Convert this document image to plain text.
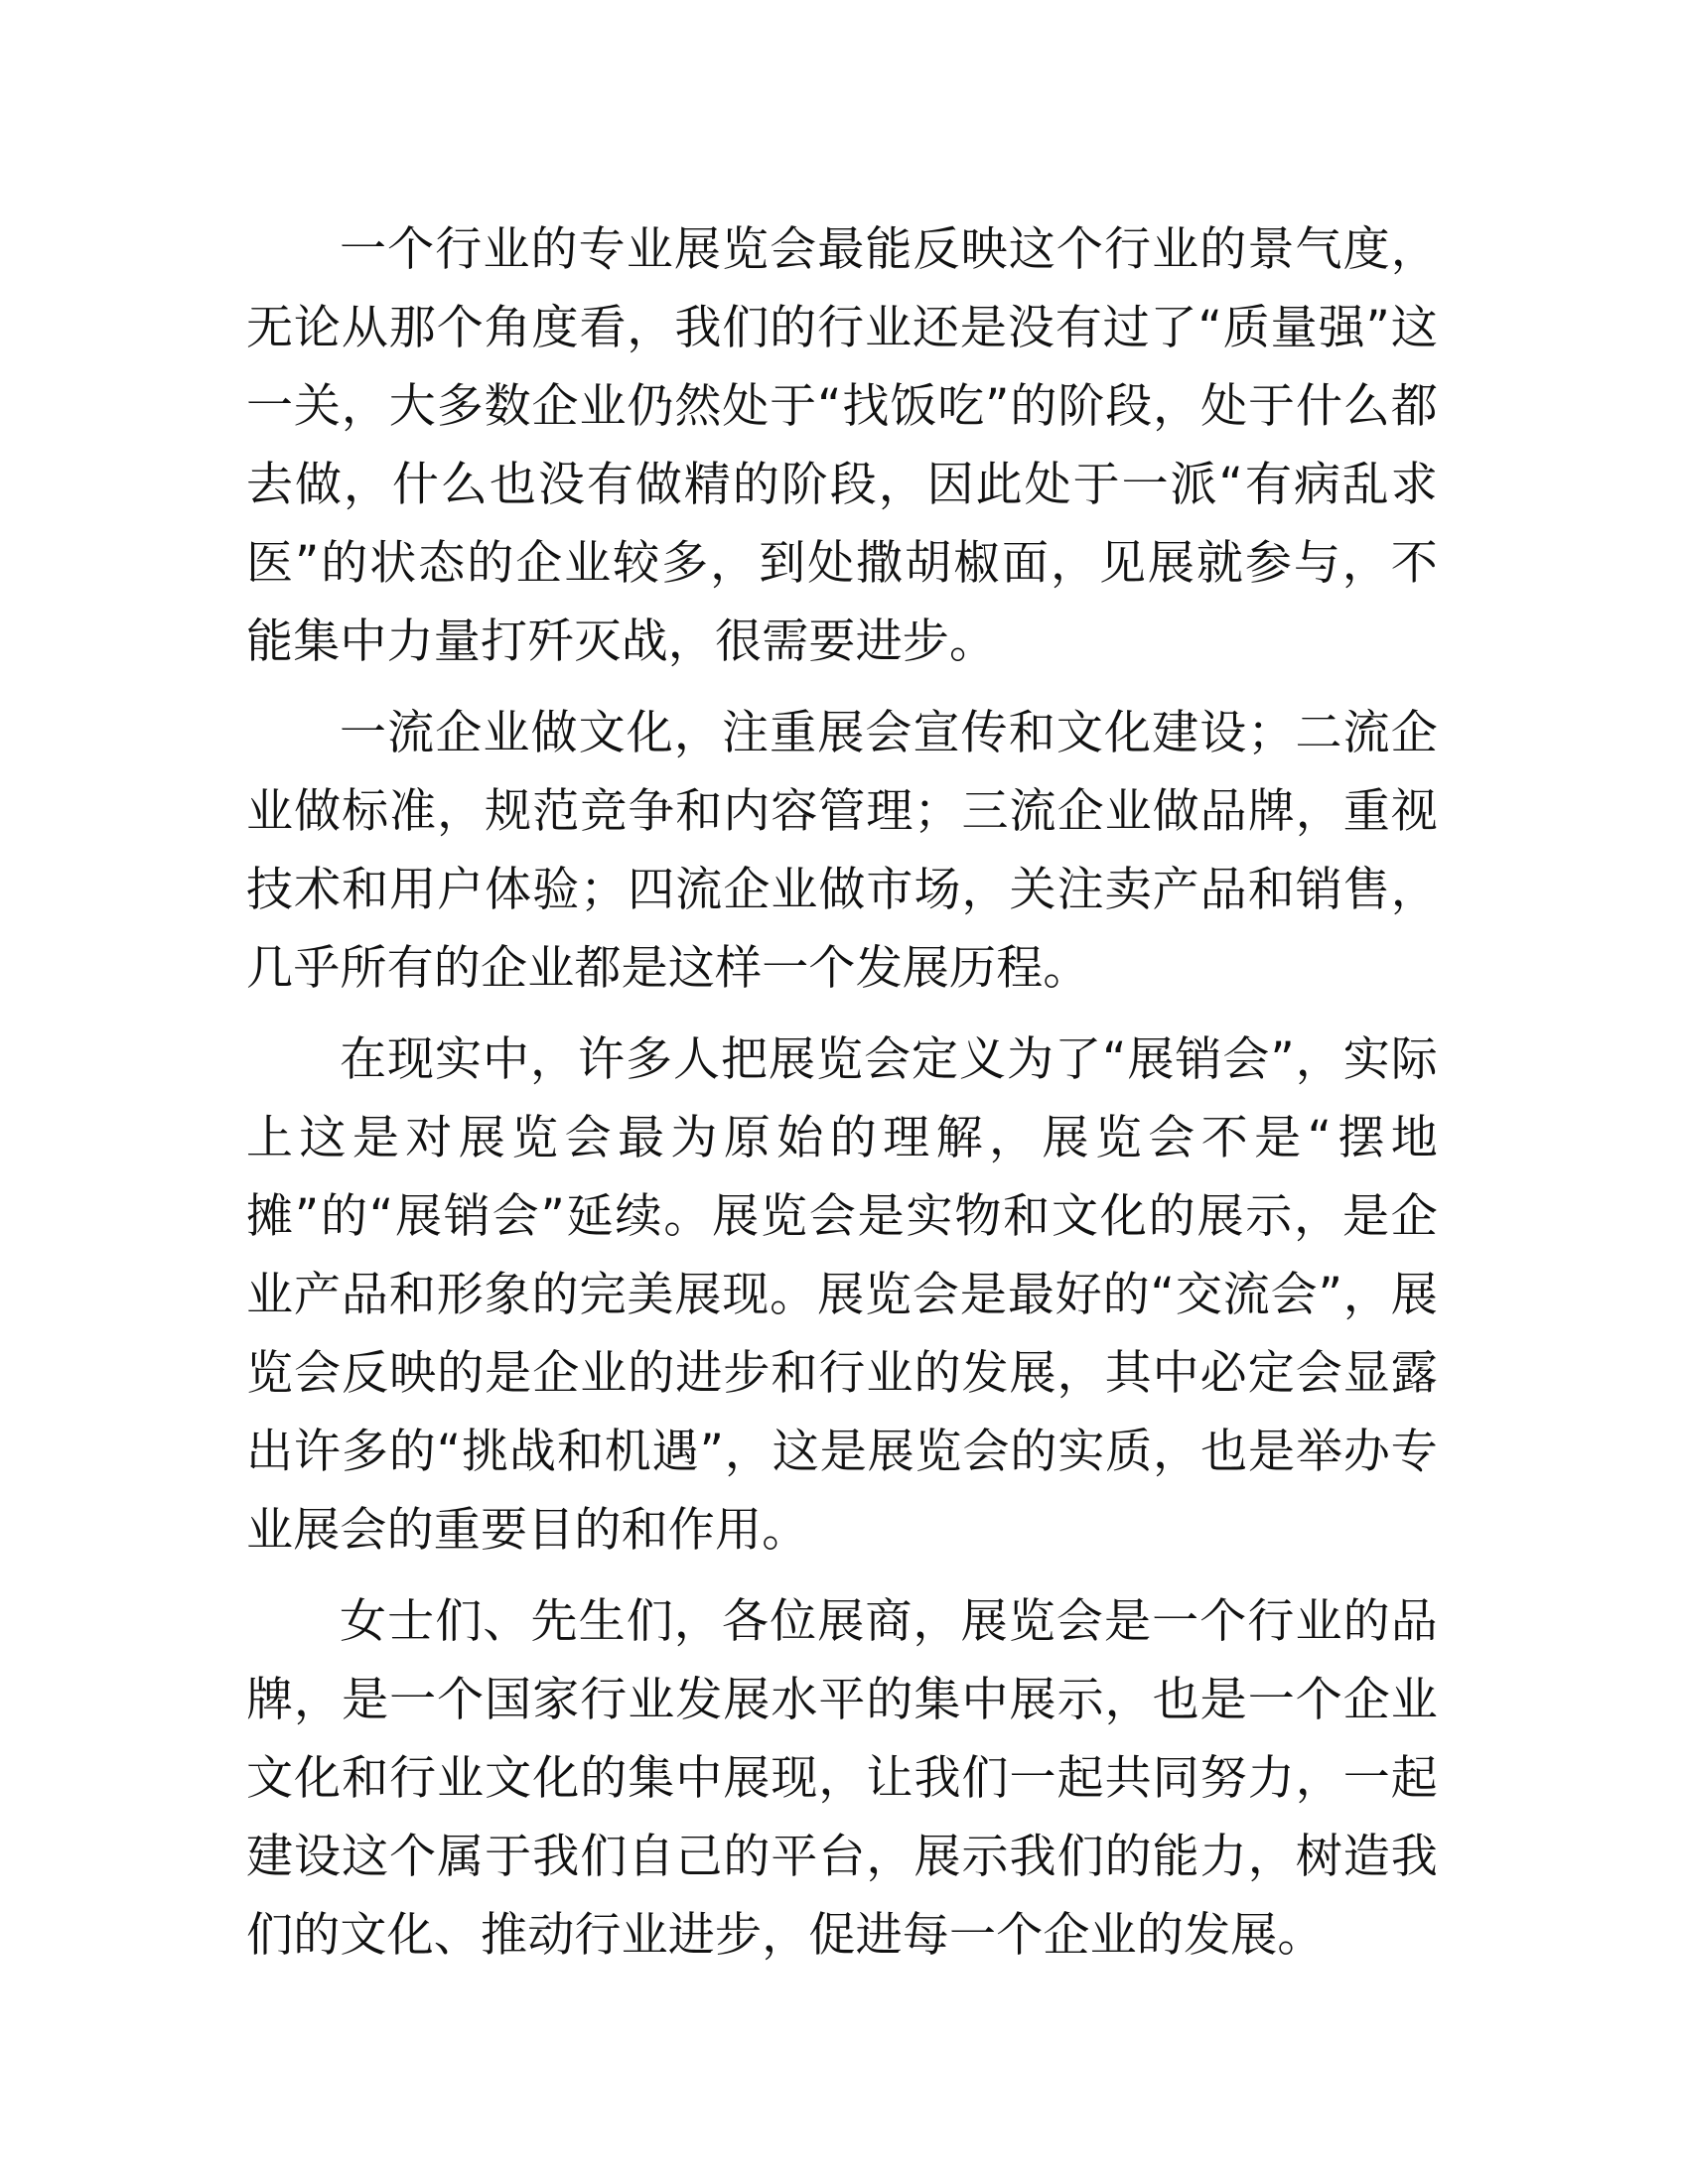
一个行业的专业展览会最能反映这个行业的景气度，无论从那个角度看，我们的行业还是没有过了“质量强”这一关，大多数企业仍然处于“找饭吃”的阶段，处于什么都去做，什么也没有做精的阶段，因此处于一派“有病乱求医”的状态的企业较多，到处撒胡椒面，见展就参与，不能集中力量打歼灭战，很需要进步。

一流企业做文化，注重展会宣传和文化建设；二流企业做标准，规范竞争和内容管理；三流企业做品牌，重视技术和用户体验；四流企业做市场，关注卖产品和销售，几乎所有的企业都是这样一个发展历程。

在现实中，许多人把展览会定义为了“展销会”，实际上这是对展览会最为原始的理解，展览会不是“摆地摊”的“展销会”延续。展览会是实物和文化的展示，是企业产品和形象的完美展现。展览会是最好的“交流会”，展览会反映的是企业的进步和行业的发展，其中必定会显露出许多的“挑战和机遇”，这是展览会的实质，也是举办专业展会的重要目的和作用。

女士们、先生们，各位展商，展览会是一个行业的品牌，是一个国家行业发展水平的集中展示，也是一个企业文化和行业文化的集中展现，让我们一起共同努力，一起建设这个属于我们自己的平台，展示我们的能力，树造我们的文化、推动行业进步，促进每一个企业的发展。
